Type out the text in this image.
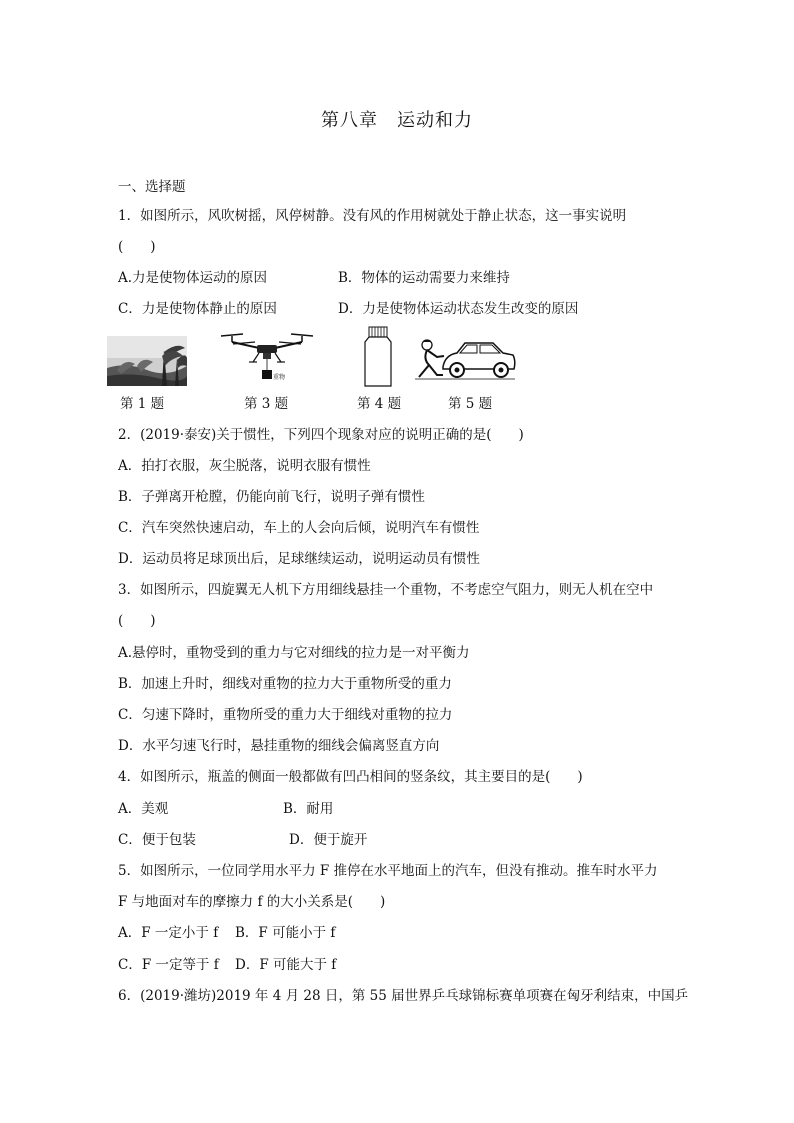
第八章　运动和力
一、选择题
1．如图所示，风吹树摇，风停树静。没有风的作用树就处于静止状态，这一事实说明
(　　)
A.力是使物体运动的原因	B．物体的运动需要力来维持
C．力是使物体静止的原因	D．力是使物体运动状态发生改变的原因
重物
第 1 题	第 3 题	第 4 题	第 5 题
2．(2019·泰安)关于惯性，下列四个现象对应的说明正确的是(　　)
A．拍打衣服，灰尘脱落，说明衣服有惯性
B．子弹离开枪膛，仍能向前飞行，说明子弹有惯性
C．汽车突然快速启动，车上的人会向后倾，说明汽车有惯性
D．运动员将足球顶出后，足球继续运动，说明运动员有惯性
3．如图所示，四旋翼无人机下方用细线悬挂一个重物，不考虑空气阻力，则无人机在空中
(　　)
A.悬停时，重物受到的重力与它对细线的拉力是一对平衡力
B．加速上升时，细线对重物的拉力大于重物所受的重力
C．匀速下降时，重物所受的重力大于细线对重物的拉力
D．水平匀速飞行时，悬挂重物的细线会偏离竖直方向
4．如图所示，瓶盖的侧面一般都做有凹凸相间的竖条纹，其主要目的是(　　)
A．美观	B．耐用
C．便于包装	D．便于旋开
5．如图所示，一位同学用水平力 F 推停在水平地面上的汽车，但没有推动。推车时水平力
F 与地面对车的摩擦力 f 的大小关系是(　　)
A．F 一定小于 f B．F 可能小于 f
C．F 一定等于 f D．F 可能大于 f
6．(2019·潍坊)2019 年 4 月 28 日，第 55 届世界乒乓球锦标赛单项赛在匈牙利结束，中国乒
